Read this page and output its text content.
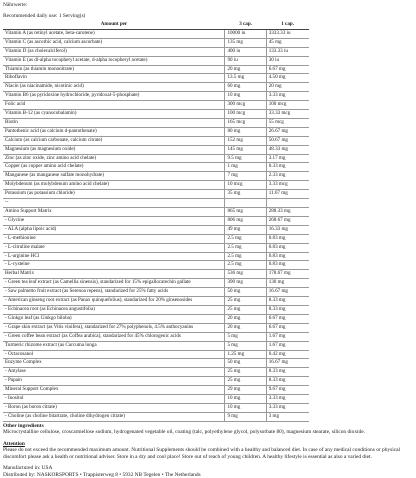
Nährwerte:
Recommended daily use: 1 Serving(s)
Amount per	3 cap.	1 cap.
Vitamin A (as retinyl acetate, beta-carotene)	10000 iu	3333.33 iu
Vitamin C (as ascorbic acid, calcium ascorbate)	135 mg	45 mg
Vitamin D (as cholecalciferol)	400 iu	133.33 iu
Vitamin E (as dl-alpha tocopheryl acetate, d-alpha tocopheryl acetate)	90 iu	30 iu
Thiamin (as thiamin mononitrate)	20 mg	6.67 mg
Riboflavin	13.5 mg	4.50 mg
Niacin (as niacinamide, nicotinic acid)	60 mg	20 mg
Vitamin B6 (as pyridoxine hydrochloride, pyridoxal-5-phosphate)	10 mg	3.33 mg
Folic acid	300 mcg	100 mcg
Vitamin B-12 (as cyanocobalamin)	100 mcg	33.33 mcg
Biotin	165 mcg	55 mcg
Pantothenic acid (as calcium d-pantothenate)	80 mg	26.67 mg
Calcium (as calcium carbonate, calcium citrate)	152 mg	50.67 mg
Magnesium (as magnesium oxide)	145 mg	48.33 mg
Zinc (as zinc oxide, zinc amino acid chelate)	9.5 mg	3.17 mg
Copper (as copper amino acid chelate)	1 mg	0.33 mg
Manganese (as manganese sulfate monohydrate)	7 mg	2.33 mg
Molybdenum (as molybdenum amino acid chelate)	10 mcg	3.33 mcg
Potassium (as potassium chloride)	35 mg	11.67 mg
--		
Amino Support Matrix	865 mg	288.33 mg
- Glycine	806 mg	268.67 mg
- ALA (alpha lipoic acid)	49 mg	16.33 mg
- L-methionine	2.5 mg	0.83 mg
- L-citruline malate	2.5 mg	0.83 mg
- L-arginine HCl	2.5 mg	0.83 mg
- L-cysteine	2.5 mg	0.83 mg
Herbal Matrix	536 mg	178.67 mg
- Green tea leaf extract (as Camellia sinensis), standarized for 15% epigallocatechin gallate	390 mg	130 mg
- Saw palmetto fruit extract (as Serenoa repens), standarized for 25% fatty acids	50 mg	16.67 mg
- American ginseng root extract (as Panax quinquefolius), standarized for 20% ginsenosides	25 mg	8.33 mg
- Echinacea root (as Echinacea angustifolia)	25 mg	8.33 mg
- Ginkgo leaf (as Ginkgo biloba)	20 mg	6.67 mg
- Grape skin extract (as Vitis vinifera), standarized for 27% polyphenols, 4.5% anthocyanins	20 mg	6.67 mg
- Green coffee bean extract (as Coffea arabica), standarized for 45% chlorogenic acids	5 mg	1.67 mg
Turmeric rhizome extract (as Curcuma longa	5 mg	1.67 mg
- Octacosanol	1.25 mg	0.42 mg
Enzyme Complex	50 mg	16.67 mg
- Amylase	25 mg	8.33 mg
- Papain	25 mg	8.33 mg
Mineral Support Complex	29 mg	9.67 mg
- Inositol	10 mg	3.33 mg
- Boron (as boron citrate)	10 mg	3.33 mg
- Choline (as choline bitartrate, choline dihydrogen citrate)	9 mg	3 mg
Other ingredients
Microcrystalline cellulose, croscarmellose sodium, hydrogenated vegetable oil, coating (talc, polyethylene glycol, polysorbate 80), magnesium stearate, silicon dioxide.
Attention
Please do not exceed the recommended maximum amount. Nutritional Supplements should be combined with a healthy and balanced diet. In case of any medical conditions or physical discomfort please ask a health or nutritional adviser. Store in a dry and cool place! Store out of reach of young children. A healthy lifestyle is essential as also a varied diet.
Manufactured in: USA
Distributed by: NASKORSPORTS • Trappisterweg 8 • 5932 NB Tegelen • The Netherlands
